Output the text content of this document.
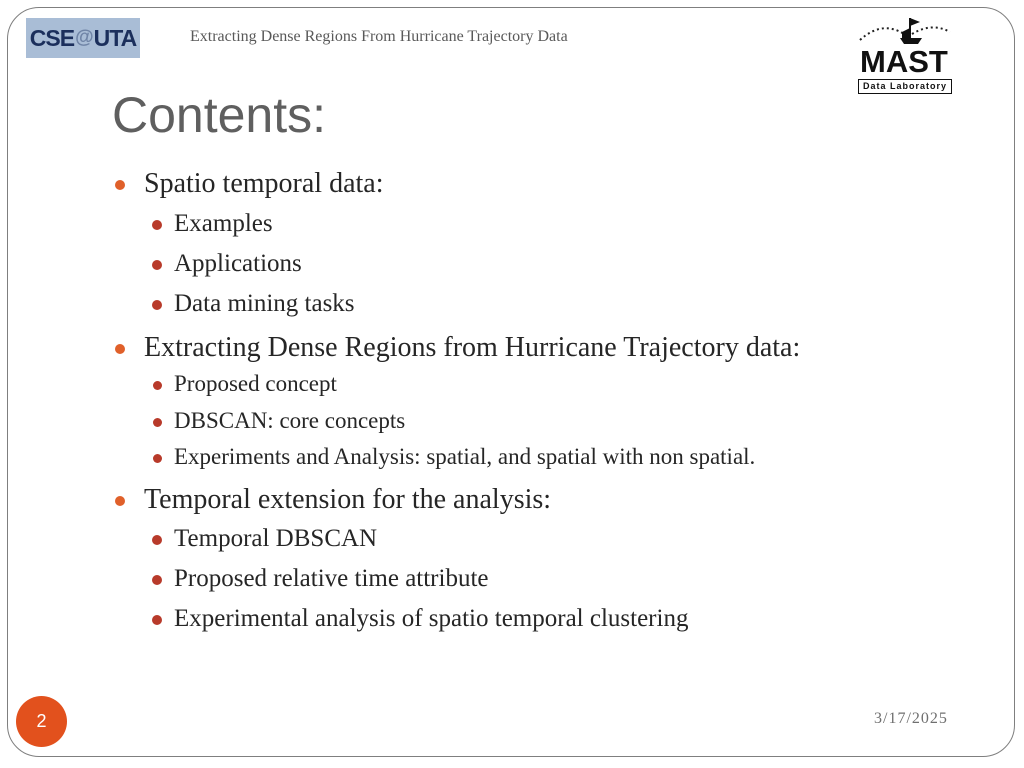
CSE @ UTA	Extracting Dense Regions From Hurricane Trajectory Data
MAST
Data Laboratory
Contents:
Spatio temporal data:
Examples
Applications
Data mining tasks
Extracting Dense Regions from Hurricane Trajectory data:
Proposed concept
DBSCAN: core concepts
Experiments and Analysis: spatial, and spatial with non spatial.
Temporal extension for the analysis:
Temporal DBSCAN
Proposed relative time attribute
Experimental analysis of spatio temporal clustering
2	3/17/2025
